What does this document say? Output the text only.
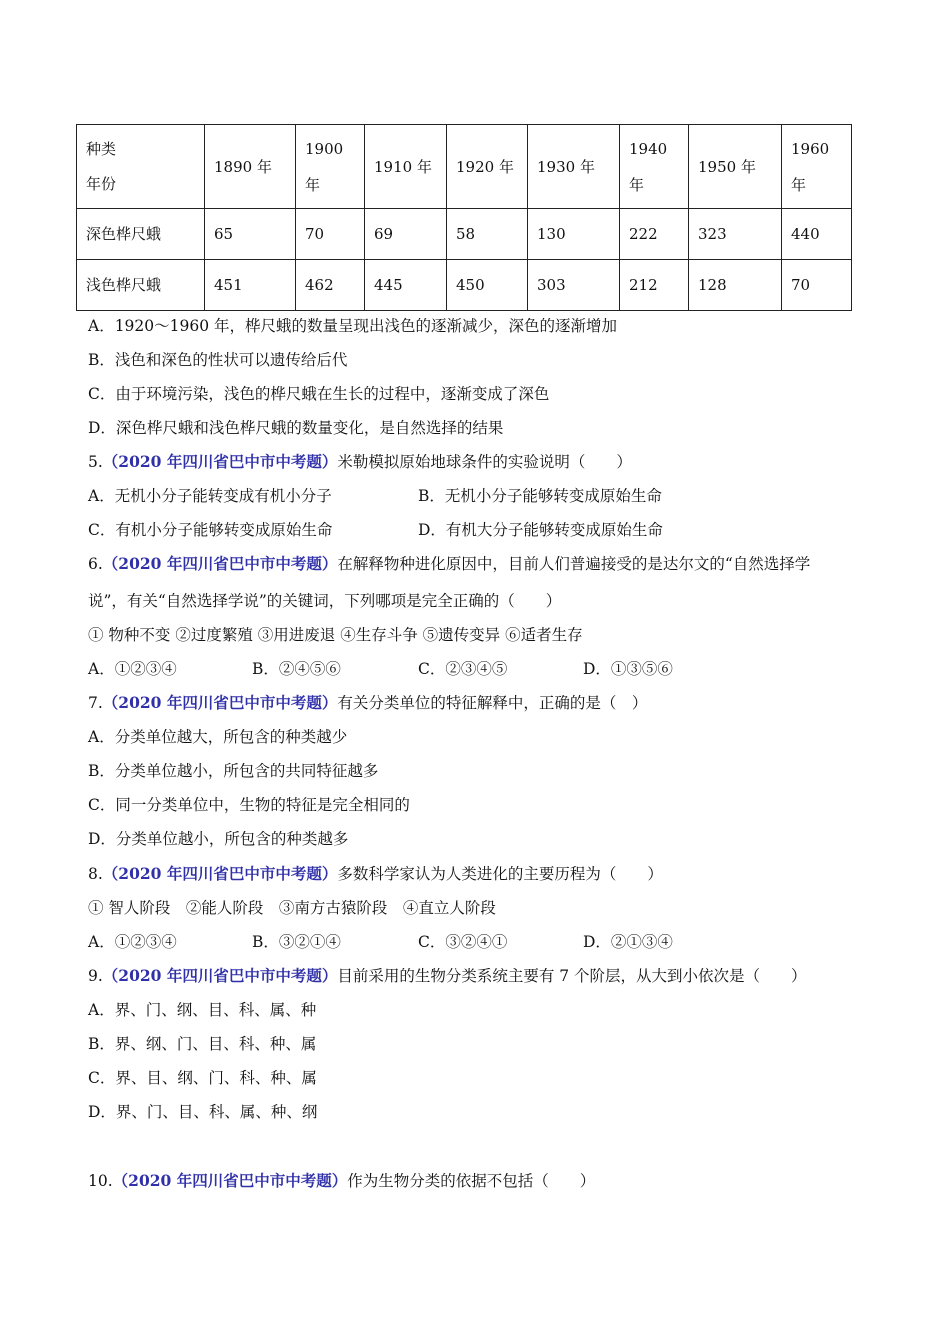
种类
年份	1890 年	1900 年	1910 年	1920 年	1930 年	1940 年	1950 年	1960 年
深色桦尺蛾	65	70	69	58	130	222	323	440
浅色桦尺蛾	451	462	445	450	303	212	128	70
A．1920～1960 年，桦尺蛾的数量呈现出浅色的逐渐减少，深色的逐渐增加
B．浅色和深色的性状可以遗传给后代
C．由于环境污染，浅色的桦尺蛾在生长的过程中，逐渐变成了深色
D．深色桦尺蛾和浅色桦尺蛾的数量变化，是自然选择的结果
5.（2020 年四川省巴中市中考题）米勒模拟原始地球条件的实验说明（　　）
A．无机小分子能转变成有机小分子	B．无机小分子能够转变成原始生命
C．有机小分子能够转变成原始生命	D．有机大分子能够转变成原始生命
6.（2020 年四川省巴中市中考题）在解释物种进化原因中，目前人们普遍接受的是达尔文的“自然选择学
说”，有关“自然选择学说”的关键词，下列哪项是完全正确的（　　）
① 物种不变 ②过度繁殖 ③用进废退 ④生存斗争 ⑤遗传变异 ⑥适者生存
A．①②③④	B．②④⑤⑥	C．②③④⑤	D．①③⑤⑥
7.（2020 年四川省巴中市中考题）有关分类单位的特征解释中，正确的是（　）
A．分类单位越大，所包含的种类越少
B．分类单位越小，所包含的共同特征越多
C．同一分类单位中，生物的特征是完全相同的
D．分类单位越小，所包含的种类越多
8.（2020 年四川省巴中市中考题）多数科学家认为人类进化的主要历程为（　　）
① 智人阶段　②能人阶段　③南方古猿阶段　④直立人阶段
A．①②③④	B．③②①④	C．③②④①	D．②①③④
9.（2020 年四川省巴中市中考题）目前采用的生物分类系统主要有 7 个阶层，从大到小依次是（　　）
A．界、门、纲、目、科、属、种
B．界、纲、门、目、科、种、属
C．界、目、纲、门、科、种、属
D．界、门、目、科、属、种、纲
10.（2020 年四川省巴中市中考题）作为生物分类的依据不包括（　　）
